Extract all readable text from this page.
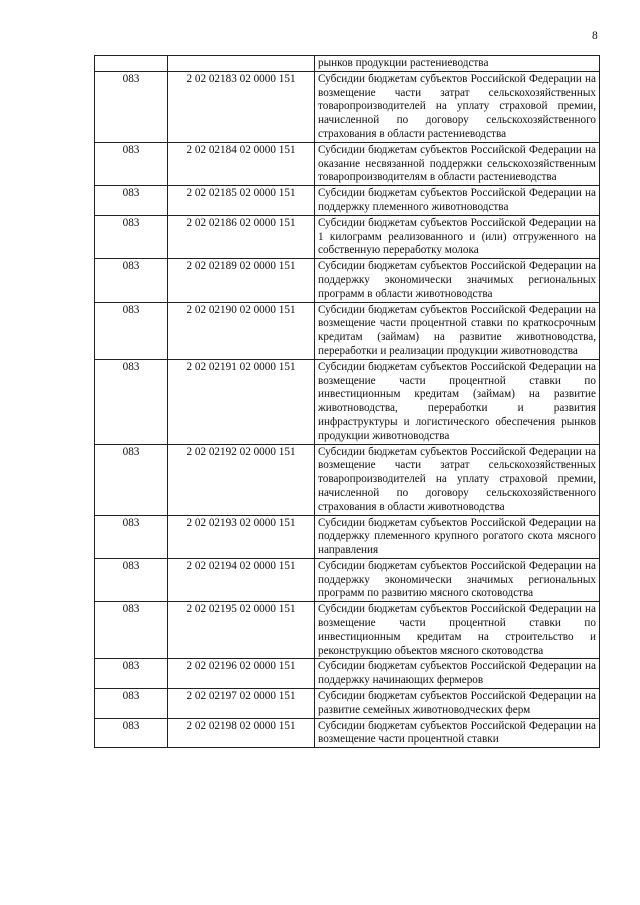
8
		рынков продукции растениеводства
083	2 02 02183 02 0000 151	Субсидии бюджетам субъектов Российской Федерации на возмещение части затрат сельскохозяйственных товаропроизводителей на уплату страховой премии, начисленной по договору сельскохозяйственного страхования в области растениеводства
083	2 02 02184 02 0000 151	Субсидии бюджетам субъектов Российской Федерации на оказание несвязанной поддержки сельскохозяйственным товаропроизводителям в области растениеводства
083	2 02 02185 02 0000 151	Субсидии бюджетам субъектов Российской Федерации на поддержку племенного животноводства
083	2 02 02186 02 0000 151	Субсидии бюджетам субъектов Российской Федерации на 1 килограмм реализованного и (или) отгруженного на собственную переработку молока
083	2 02 02189 02 0000 151	Субсидии бюджетам субъектов Российской Федерации на поддержку экономически значимых региональных программ в области животноводства
083	2 02 02190 02 0000 151	Субсидии бюджетам субъектов Российской Федерации на возмещение части процентной ставки по краткосрочным кредитам (займам) на развитие животноводства, переработки и реализации продукции животноводства
083	2 02 02191 02 0000 151	Субсидии бюджетам субъектов Российской Федерации на возмещение части процентной ставки по инвестиционным кредитам (займам) на развитие животноводства, переработки и развития инфраструктуры и логистического обеспечения рынков продукции животноводства
083	2 02 02192 02 0000 151	Субсидии бюджетам субъектов Российской Федерации на возмещение части затрат сельскохозяйственных товаропроизводителей на уплату страховой премии, начисленной по договору сельскохозяйственного страхования в области животноводства
083	2 02 02193 02 0000 151	Субсидии бюджетам субъектов Российской Федерации на поддержку племенного крупного рогатого скота мясного направления
083	2 02 02194 02 0000 151	Субсидии бюджетам субъектов Российской Федерации на поддержку экономически значимых региональных программ по развитию мясного скотоводства
083	2 02 02195 02 0000 151	Субсидии бюджетам субъектов Российской Федерации на возмещение части процентной ставки по инвестиционным кредитам на строительство и реконструкцию объектов мясного скотоводства
083	2 02 02196 02 0000 151	Субсидии бюджетам субъектов Российской Федерации на поддержку начинающих фермеров
083	2 02 02197 02 0000 151	Субсидии бюджетам субъектов Российской Федерации на развитие семейных животноводческих ферм
083	2 02 02198 02 0000 151	Субсидии бюджетам субъектов Российской Федерации на возмещение части процентной ставки
